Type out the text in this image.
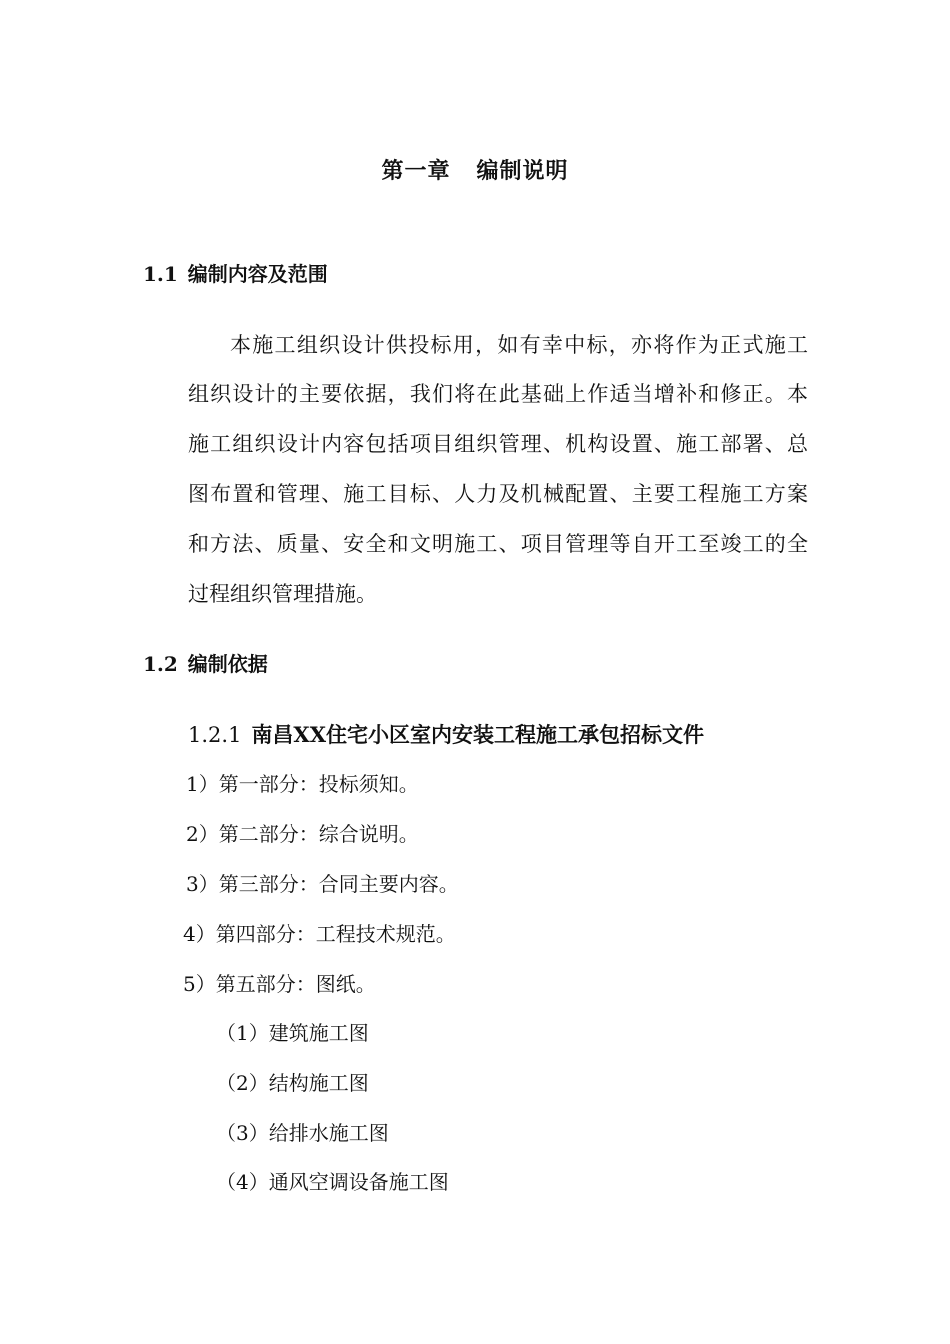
第一章 编制说明
1.1 编制内容及范围
本施工组织设计供投标用，如有幸中标，亦将作为正式施工
组织设计的主要依据，我们将在此基础上作适当增补和修正。本
施工组织设计内容包括项目组织管理、机构设置、施工部署、总
图布置和管理、施工目标、人力及机械配置、主要工程施工方案
和方法、质量、安全和文明施工、项目管理等自开工至竣工的全
过程组织管理措施。
1.2 编制依据
1.2.1 南昌XX住宅小区室内安装工程施工承包招标文件
1）第一部分：投标须知。
2）第二部分：综合说明。
3）第三部分：合同主要内容。
4）第四部分：工程技术规范。
5）第五部分：图纸。
（1）建筑施工图
（2）结构施工图
（3）给排水施工图
（4）通风空调设备施工图
